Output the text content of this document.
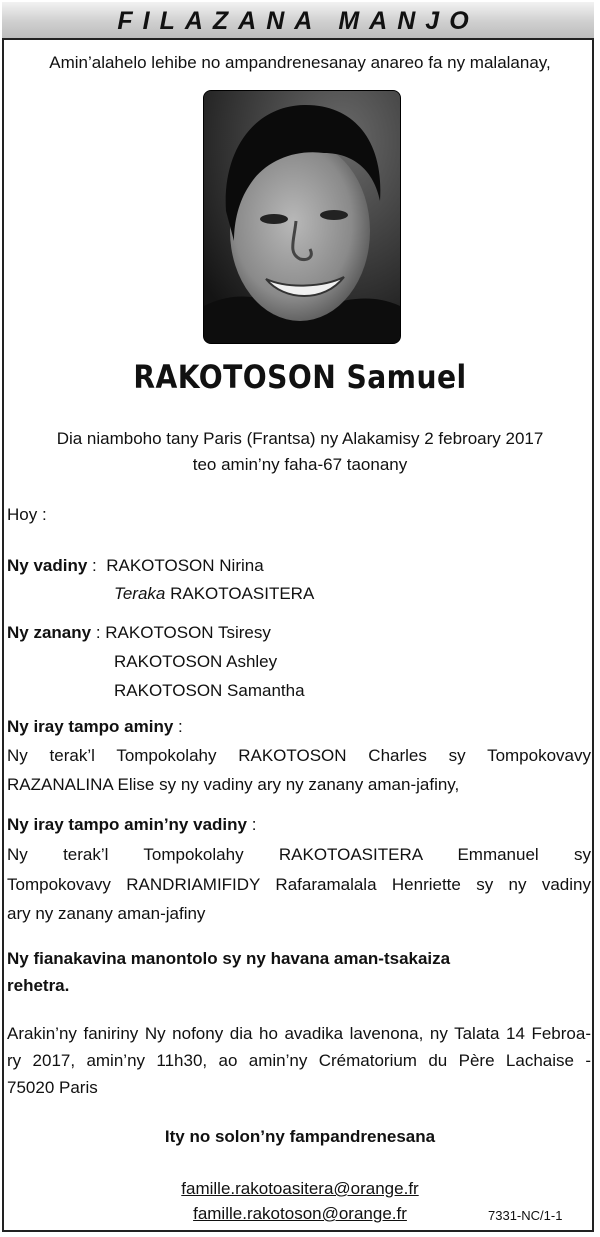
FILAZANA MANJO
Amin’alahelo lehibe no ampandrenesanay anareo fa ny malalanay,
RAKOTOSON Samuel
Dia niamboho tany Paris (Frantsa) ny Alakamisy 2 febroary 2017
teo amin’ny faha-67 taonany
Hoy :
Ny vadiny :  RAKOTOSON Nirina
Teraka RAKOTOASITERA
Ny zanany : RAKOTOSON Tsiresy
RAKOTOSON Ashley
RAKOTOSON Samantha
Ny iray tampo aminy :
Ny terak’l Tompokolahy RAKOTOSON Charles sy Tompokovavy
RAZANALINA Elise sy ny vadiny ary ny zanany aman-jafiny,
Ny iray tampo amin’ny vadiny :
Ny terak’l Tompokolahy RAKOTOASITERA Emmanuel sy
Tompokovavy RANDRIAMIFIDY Rafaramalala Henriette sy ny vadiny
ary ny zanany aman-jafiny
Ny fianakavina manontolo sy ny havana aman-tsakaiza
rehetra.
Arakin’ny faniriny Ny nofony dia ho avadika lavenona, ny Talata 14 Febroa-
ry 2017, amin’ny 11h30, ao amin’ny Crématorium du Père Lachaise -
75020 Paris
Ity no solon’ny fampandrenesana
famille.rakotoasitera@orange.fr
famille.rakotoson@orange.fr	7331-NC/1-1
